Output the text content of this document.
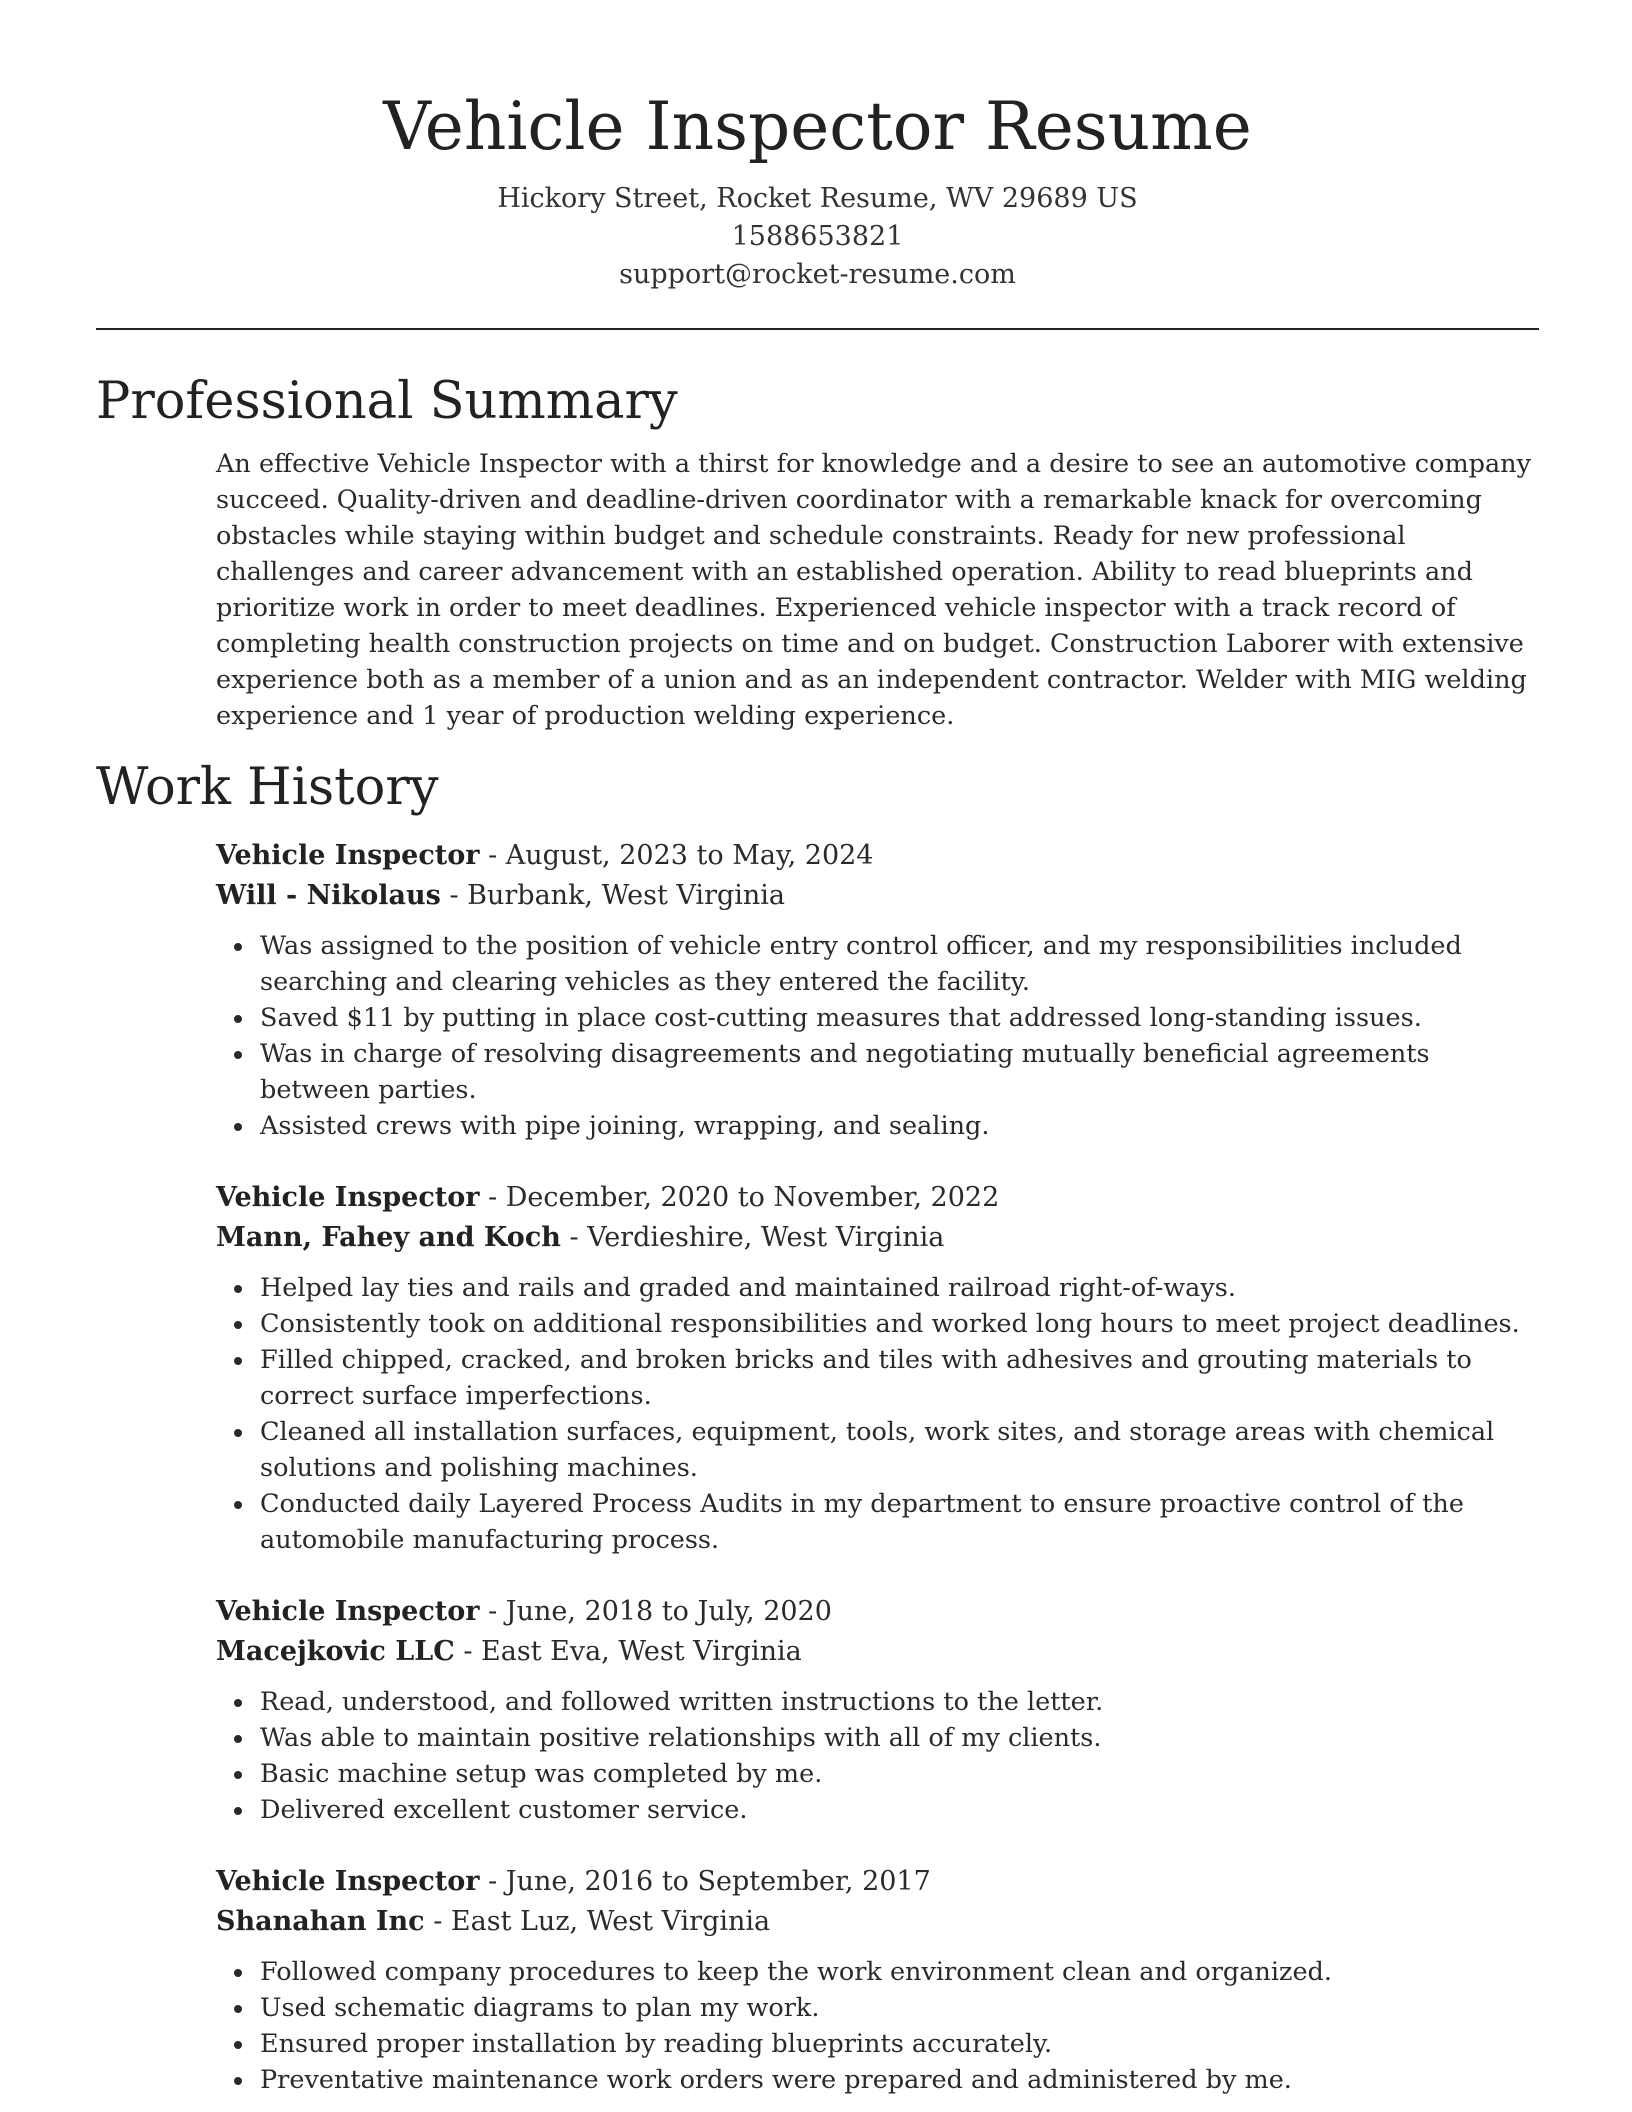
Vehicle Inspector Resume
Hickory Street, Rocket Resume, WV 29689 US
1588653821
support@rocket-resume.com
Professional Summary

An effective Vehicle Inspector with a thirst for knowledge and a desire to see an automotive company succeed. Quality-driven and deadline-driven coordinator with a remarkable knack for overcoming obstacles while staying within budget and schedule constraints. Ready for new professional challenges and career advancement with an established operation. Ability to read blueprints and prioritize work in order to meet deadlines. Experienced vehicle inspector with a track record of completing health construction projects on time and on budget. Construction Laborer with extensive experience both as a member of a union and as an independent contractor. Welder with MIG welding experience and 1 year of production welding experience.

Work History
Vehicle Inspector - August, 2023 to May, 2024
Will - Nikolaus - Burbank, West Virginia
Was assigned to the position of vehicle entry control officer, and my responsibilities included searching and clearing vehicles as they entered the facility.
Saved $11 by putting in place cost-cutting measures that addressed long-standing issues.
Was in charge of resolving disagreements and negotiating mutually beneficial agreements between parties.
Assisted crews with pipe joining, wrapping, and sealing.
Vehicle Inspector - December, 2020 to November, 2022
Mann, Fahey and Koch - Verdieshire, West Virginia
Helped lay ties and rails and graded and maintained railroad right-of-ways.
Consistently took on additional responsibilities and worked long hours to meet project deadlines.
Filled chipped, cracked, and broken bricks and tiles with adhesives and grouting materials to correct surface imperfections.
Cleaned all installation surfaces, equipment, tools, work sites, and storage areas with chemical solutions and polishing machines.
Conducted daily Layered Process Audits in my department to ensure proactive control of the automobile manufacturing process.
Vehicle Inspector - June, 2018 to July, 2020
Macejkovic LLC - East Eva, West Virginia
Read, understood, and followed written instructions to the letter.
Was able to maintain positive relationships with all of my clients.
Basic machine setup was completed by me.
Delivered excellent customer service.
Vehicle Inspector - June, 2016 to September, 2017
Shanahan Inc - East Luz, West Virginia
Followed company procedures to keep the work environment clean and organized.
Used schematic diagrams to plan my work.
Ensured proper installation by reading blueprints accurately.
Preventative maintenance work orders were prepared and administered by me.
